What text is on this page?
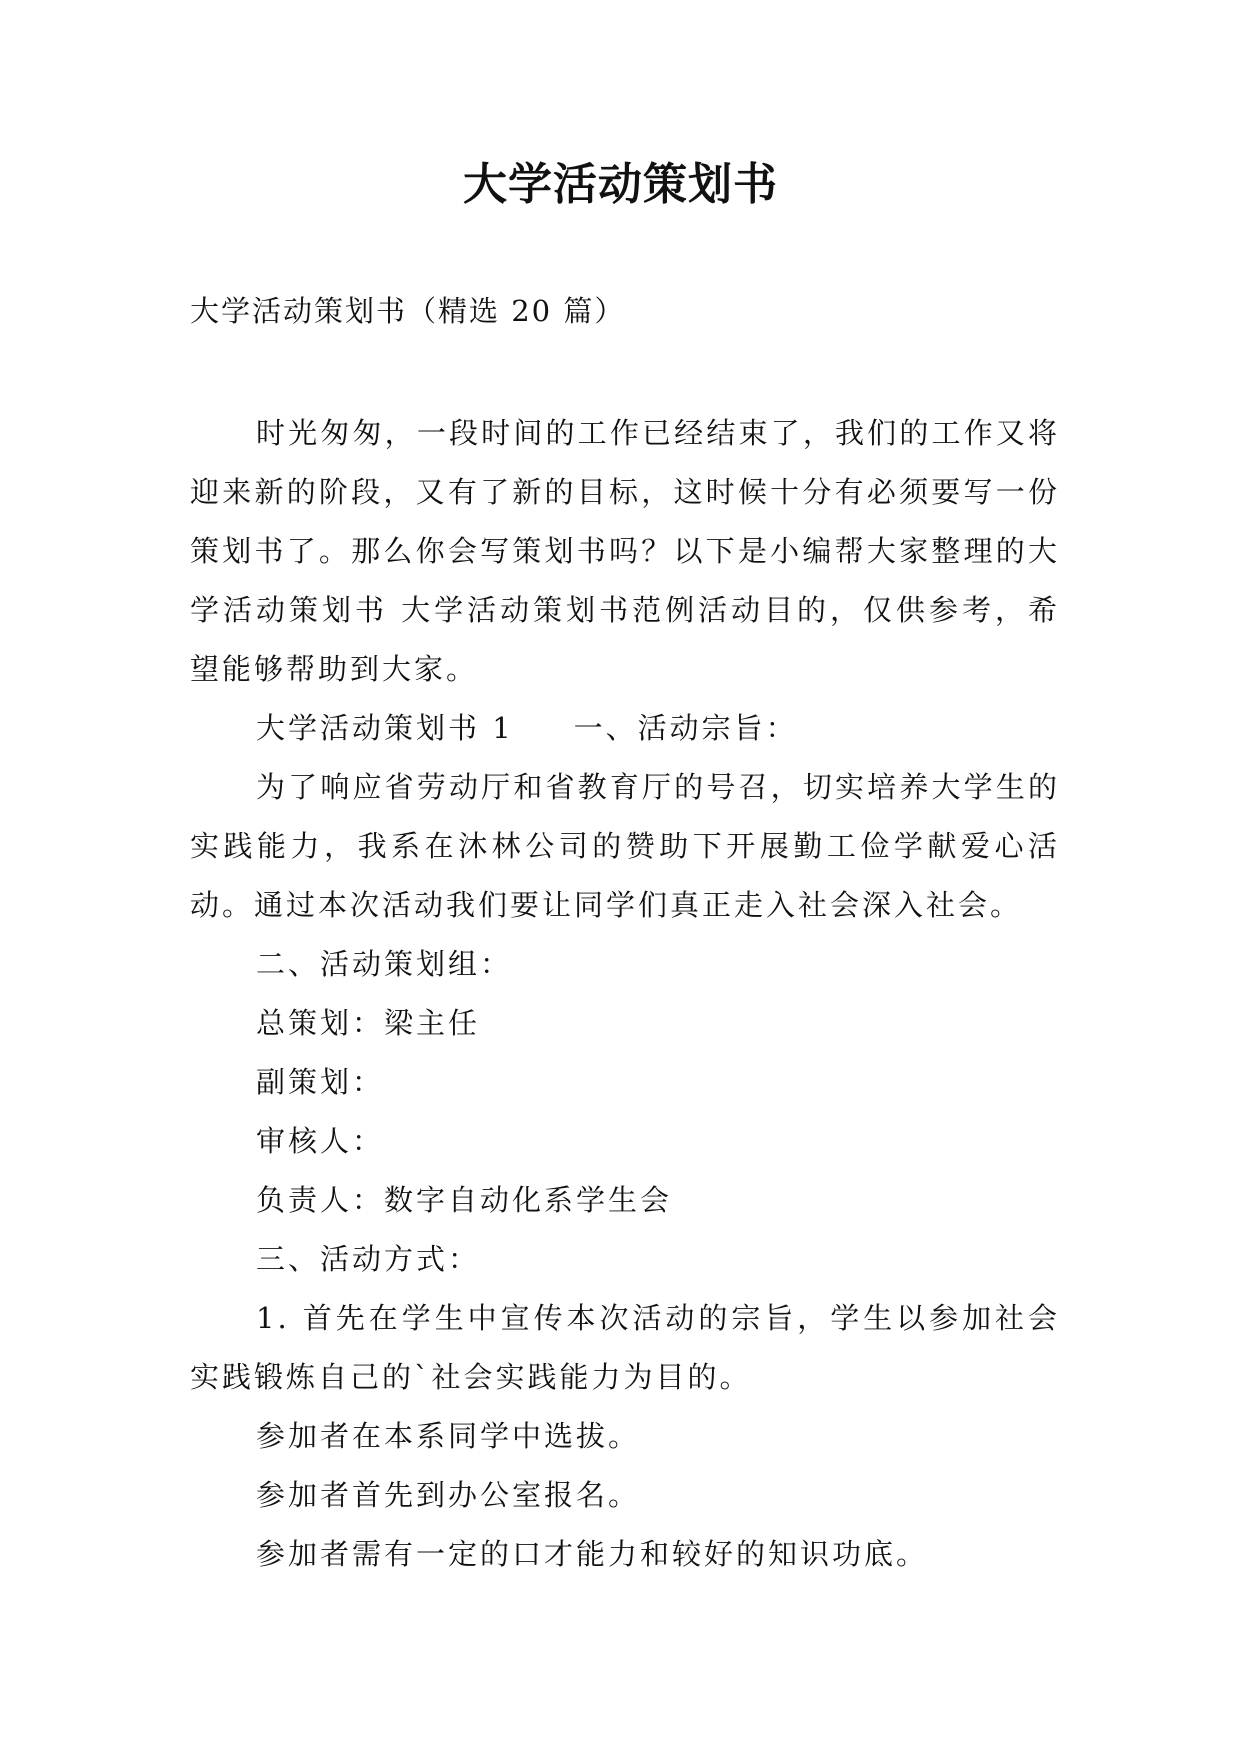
大学活动策划书

大学活动策划书（精选 20 篇）

时光匆匆，一段时间的工作已经结束了，我们的工作又将迎来新的阶段，又有了新的目标，这时候十分有必须要写一份策划书了。那么你会写策划书吗？以下是小编帮大家整理的大学活动策划书 大学活动策划书范例活动目的，仅供参考，希望能够帮助到大家。

大学活动策划书 1 一、活动宗旨：

为了响应省劳动厅和省教育厅的号召，切实培养大学生的实践能力，我系在沐林公司的赞助下开展勤工俭学献爱心活动。通过本次活动我们要让同学们真正走入社会深入社会。

二、活动策划组：

总策划：梁主任

副策划：

审核人：

负责人：数字自动化系学生会

三、活动方式：

1. 首先在学生中宣传本次活动的宗旨，学生以参加社会实践锻炼自己的`社会实践能力为目的。

参加者在本系同学中选拔。

参加者首先到办公室报名。

参加者需有一定的口才能力和较好的知识功底。
